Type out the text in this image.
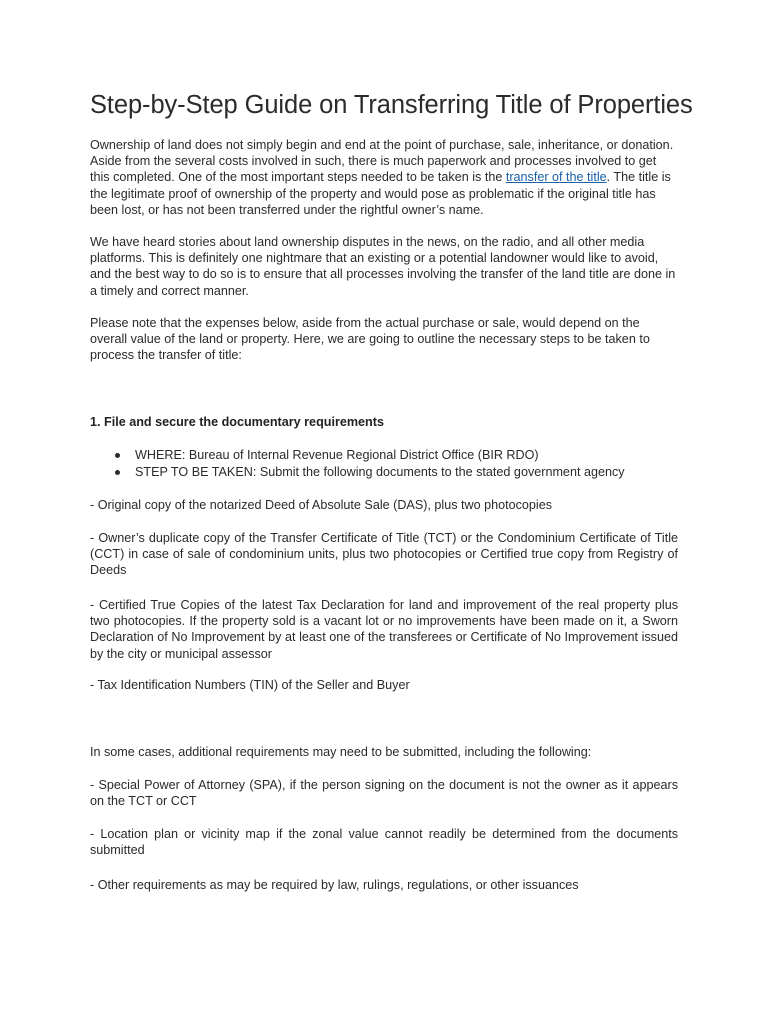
Step-by-Step Guide on Transferring Title of Properties

Ownership of land does not simply begin and end at the point of purchase, sale, inheritance, or donation. Aside from the several costs involved in such, there is much paperwork and processes involved to get this completed. One of the most important steps needed to be taken is the transfer of the title. The title is the legitimate proof of ownership of the property and would pose as problematic if the original title has been lost, or has not been transferred under the rightful owner’s name.

We have heard stories about land ownership disputes in the news, on the radio, and all other media platforms. This is definitely one nightmare that an existing or a potential landowner would like to avoid, and the best way to do so is to ensure that all processes involving the transfer of the land title are done in a timely and correct manner.

Please note that the expenses below, aside from the actual purchase or sale, would depend on the overall value of the land or property. Here, we are going to outline the necessary steps to be taken to process the transfer of title:

1. File and secure the documentary requirements
WHERE: Bureau of Internal Revenue Regional District Office (BIR RDO)
STEP TO BE TAKEN: Submit the following documents to the stated government agency

- Original copy of the notarized Deed of Absolute Sale (DAS), plus two photocopies

- Owner’s duplicate copy of the Transfer Certificate of Title (TCT) or the Condominium Certificate of Title (CCT) in case of sale of condominium units, plus two photocopies or Certified true copy from Registry of Deeds

- Certified True Copies of the latest Tax Declaration for land and improvement of the real property plus two photocopies. If the property sold is a vacant lot or no improvements have been made on it, a Sworn Declaration of No Improvement by at least one of the transferees or Certificate of No Improvement issued by the city or municipal assessor

- Tax Identification Numbers (TIN) of the Seller and Buyer

In some cases, additional requirements may need to be submitted, including the following:

- Special Power of Attorney (SPA), if the person signing on the document is not the owner as it appears on the TCT or CCT

- Location plan or vicinity map if the zonal value cannot readily be determined from the documents submitted

- Other requirements as may be required by law, rulings, regulations, or other issuances
